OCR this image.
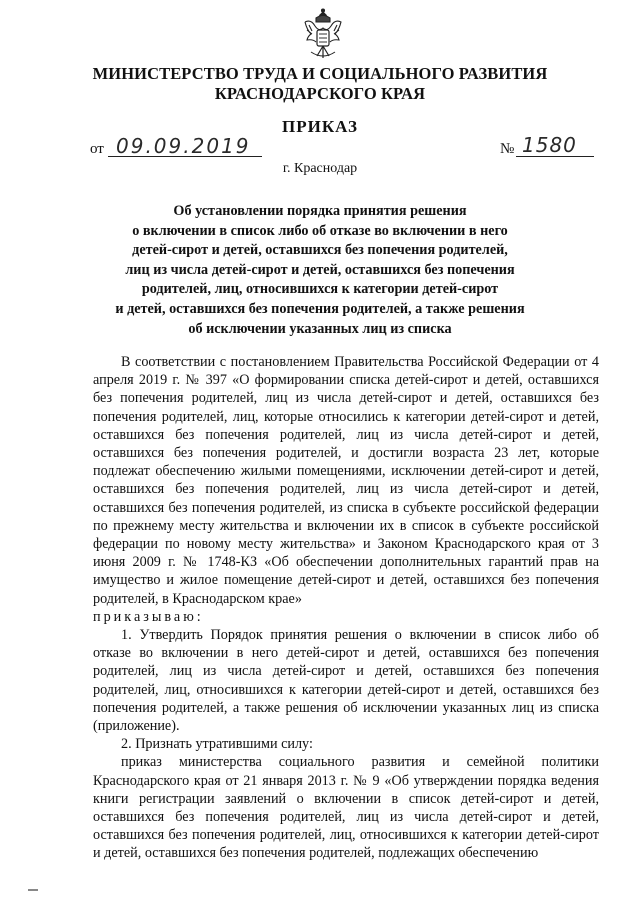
МИНИСТЕРСТВО ТРУДА И СОЦИАЛЬНОГО РАЗВИТИЯ
КРАСНОДАРСКОГО КРАЯ
ПРИКАЗ
от 09.09.2019	№ 1580
г. Краснодар
Об установлении порядка принятия решения
о включении в список либо об отказе во включении в него
детей-сирот и детей, оставшихся без попечения родителей,
лиц из числа детей-сирот и детей, оставшихся без попечения
родителей, лиц, относившихся к категории детей-сирот
и детей, оставшихся без попечения родителей, а также решения
об исключении указанных лиц из списка

В соответствии с постановлением Правительства Российской Федерации от 4 апреля 2019 г. № 397 «О формировании списка детей-сирот и детей, оставшихся без попечения родителей, лиц из числа детей-сирот и детей, оставшихся без попечения родителей, лиц, которые относились к категории детей-сирот и детей, оставшихся без попечения родителей, лиц из числа детей-сирот и детей, оставшихся без попечения родителей, и достигли возраста 23 лет, которые подлежат обеспечению жилыми помещениями, исключении детей-сирот и детей, оставшихся без попечения родителей, лиц из числа детей-сирот и детей, оставшихся без попечения родителей, из списка в субъекте российской федерации по прежнему месту жительства и включении их в список в субъекте российской федерации по новому месту жительства» и Законом Краснодарского края от 3 июня 2009 г. № 1748-КЗ «Об обеспечении дополнительных гарантий прав на имущество и жилое помещение детей-сирот и детей, оставшихся без попечения родителей, в Краснодарском крае»

приказываю:

1. Утвердить Порядок принятия решения о включении в список либо об отказе во включении в него детей-сирот и детей, оставшихся без попечения родителей, лиц из числа детей-сирот и детей, оставшихся без попечения родителей, лиц, относившихся к категории детей-сирот и детей, оставшихся без попечения родителей, а также решения об исключении указанных лиц из списка (приложение).

2. Признать утратившими силу:

приказ министерства социального развития и семейной политики Краснодарского края от 21 января 2013 г. № 9 «Об утверждении порядка ведения книги регистрации заявлений о включении в список детей-сирот и детей, оставшихся без попечения родителей, лиц из числа детей-сирот и детей, оставшихся без попечения родителей, лиц, относившихся к категории детей-сирот и детей, оставшихся без попечения родителей, подлежащих обеспечению
